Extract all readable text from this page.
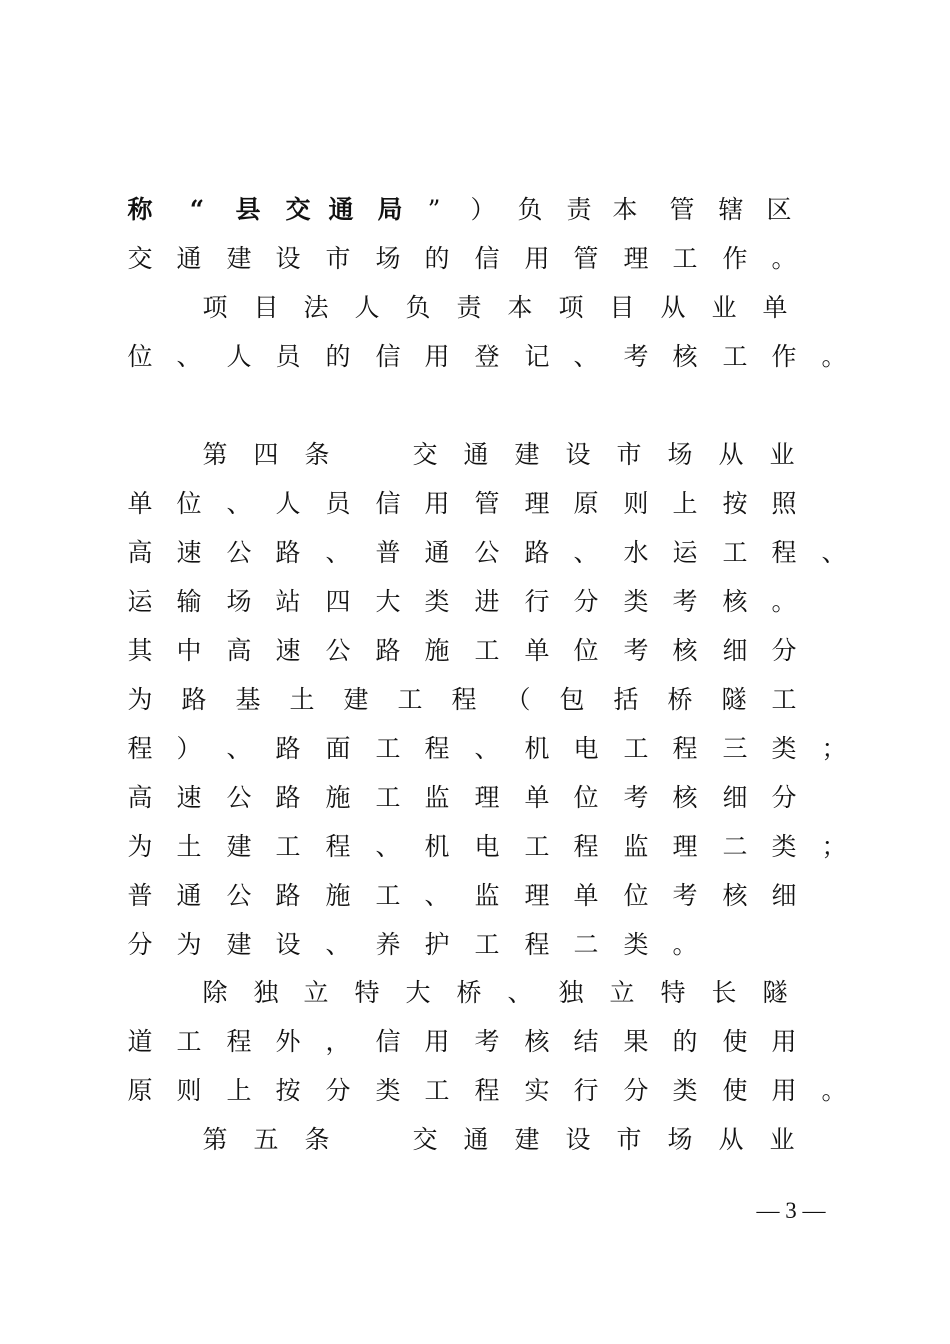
称	“	县 交 通 局	”	） 负 责 本	管 辖 区
交 通 建 设 市 场 的 信 用 管 理 工 作 。
项	目 法	人	负	责	本	项	目	从	业	单
位 、 人 员 的 信 用 登 记 、 考 核 工 作 。
第	四	条	交	通	建	设	市	场	从	业
单 位 、 人 员 信 用 管 理 原 则 上 按 照
高 速 公 路 、 普 通 公 路 、 水 运 工 程 、
运 输 场 站 四 大 类 进 行 分 类 考 核 。
其 中 高 速 公 路 施 工 单 位 考 核 细 分
为	路	基	土	建	工	程	（	包	括	桥	隧 工
程 ） 、 路 面 工 程 、 机 电 工 程 三 类 ；
高 速 公 路 施 工 监 理 单 位 考 核 细 分
为 土 建 工 程 、 机 电 工 程 监 理 二 类 ；
普 通 公 路 施 工 、 监 理 单 位 考 核 细
分 为 建 设 、 养 护 工 程 二 类 。
除	独 立	特	大	桥	、	独	立	特	长	隧
道 工 程 外 ， 信 用 考 核 结 果 的 使 用
原 则 上 按 分 类 工 程 实 行 分 类 使 用 。
第	五	条	交	通	建	设	市	场	从	业
— 3 —
